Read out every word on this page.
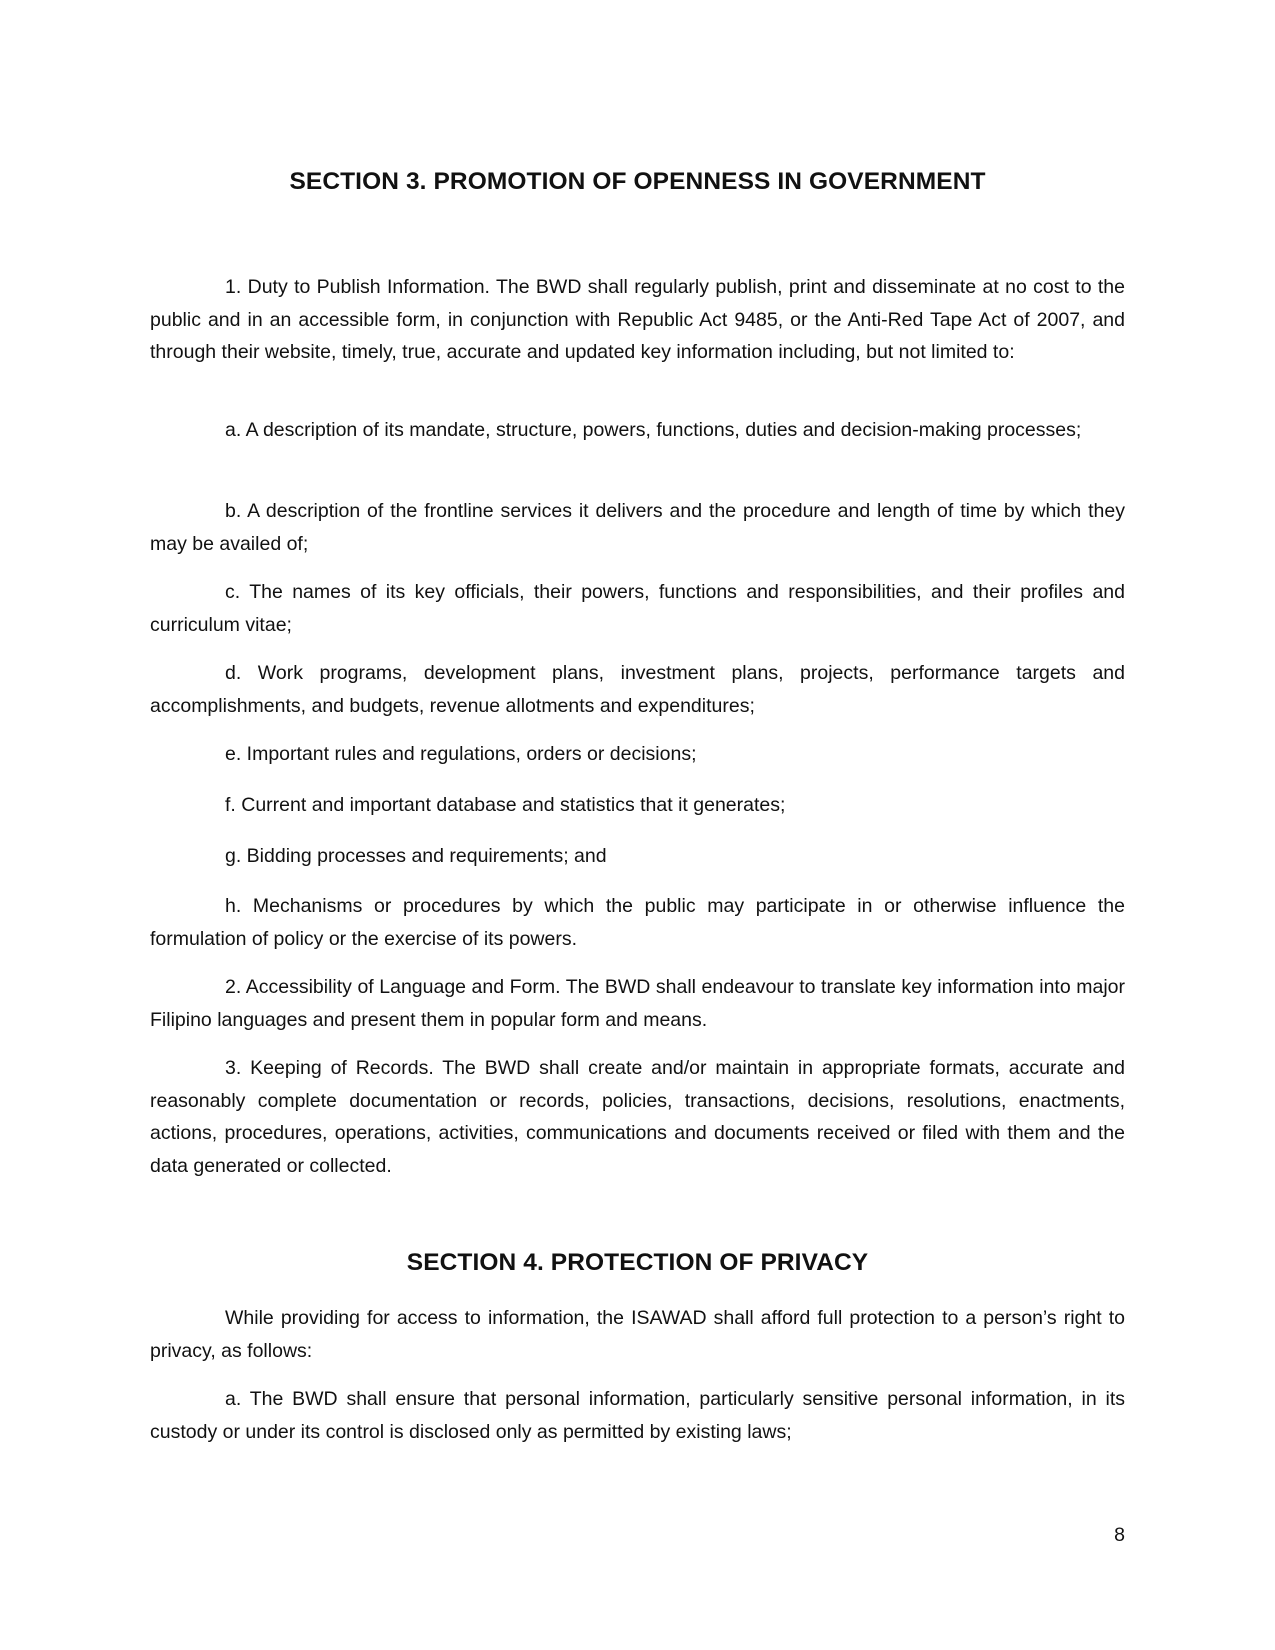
SECTION 3. PROMOTION OF OPENNESS IN GOVERNMENT

1. Duty to Publish Information. The BWD shall regularly publish, print and disseminate at no cost to the public and in an accessible form, in conjunction with Republic Act 9485, or the Anti-Red Tape Act of 2007, and through their website, timely, true, accurate and updated key information including, but not limited to:

a. A description of its mandate, structure, powers, functions, duties and decision-making processes;

b. A description of the frontline services it delivers and the procedure and length of time by which they may be availed of;

c. The names of its key officials, their powers, functions and responsibilities, and their profiles and curriculum vitae;

d. Work programs, development plans, investment plans, projects, performance targets and accomplishments, and budgets, revenue allotments and expenditures;

e. Important rules and regulations, orders or decisions;

f. Current and important database and statistics that it generates;

g. Bidding processes and requirements; and

h. Mechanisms or procedures by which the public may participate in or otherwise influence the formulation of policy or the exercise of its powers.

2. Accessibility of Language and Form. The BWD shall endeavour to translate key information into major Filipino languages and present them in popular form and means.

3. Keeping of Records. The BWD shall create and/or maintain in appropriate formats, accurate and reasonably complete documentation or records, policies, transactions, decisions, resolutions, enactments, actions, procedures, operations, activities, communications and documents received or filed with them and the data generated or collected.

SECTION 4. PROTECTION OF PRIVACY

While providing for access to information, the ISAWAD shall afford full protection to a person’s right to privacy, as follows:

a. The BWD shall ensure that personal information, particularly sensitive personal information, in its custody or under its control is disclosed only as permitted by existing laws;

8
